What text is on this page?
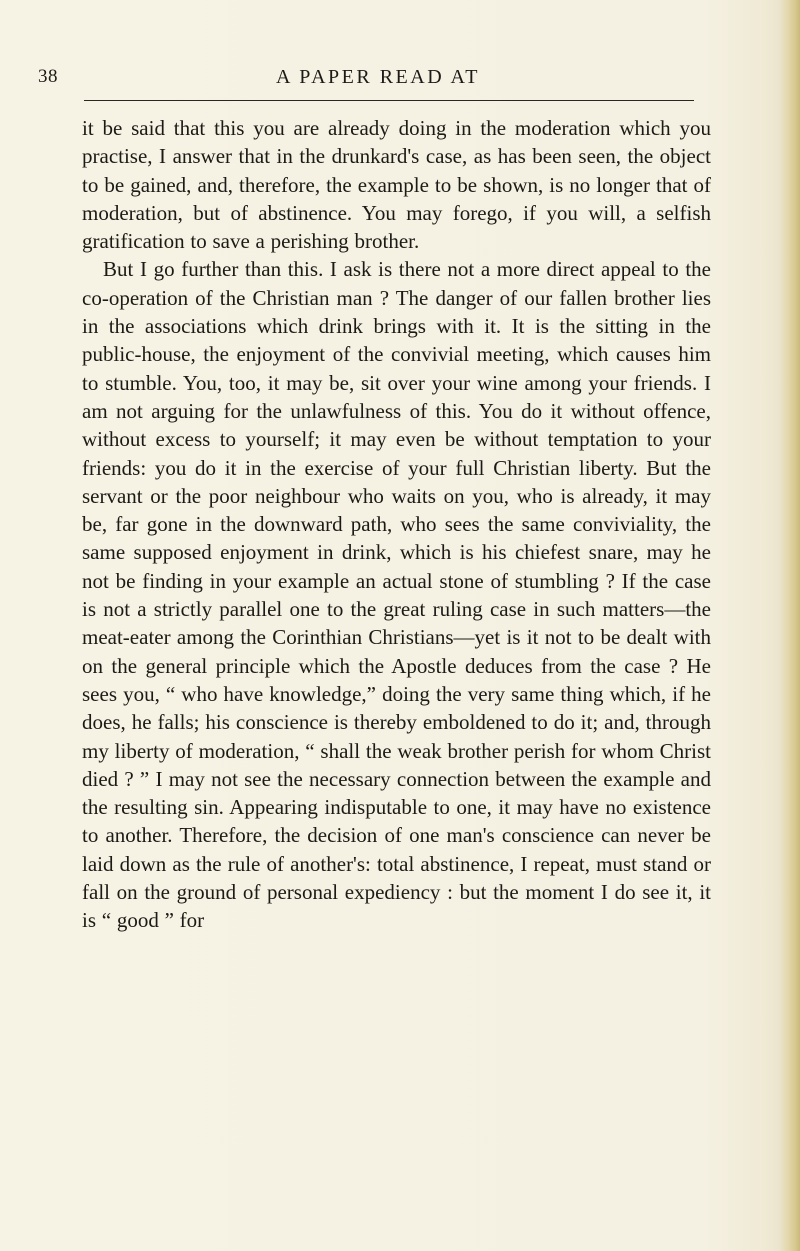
38	A PAPER READ AT

it be said that this you are already doing in the moderation which you practise, I answer that in the drunkard's case, as has been seen, the object to be gained, and, therefore, the example to be shown, is no longer that of moderation, but of abstinence. You may forego, if you will, a selfish gratification to save a perishing brother.

But I go further than this. I ask is there not a more direct appeal to the co-operation of the Christian man ? The danger of our fallen brother lies in the associations which drink brings with it. It is the sitting in the public-house, the enjoyment of the convivial meeting, which causes him to stumble. You, too, it may be, sit over your wine among your friends. I am not arguing for the unlawfulness of this. You do it without offence, without excess to yourself; it may even be without temptation to your friends: you do it in the exercise of your full Christian liberty. But the servant or the poor neighbour who waits on you, who is already, it may be, far gone in the downward path, who sees the same conviviality, the same supposed enjoyment in drink, which is his chiefest snare, may he not be finding in your example an actual stone of stumbling ? If the case is not a strictly parallel one to the great ruling case in such matters—the meat-eater among the Corinthian Christians—yet is it not to be dealt with on the general principle which the Apostle deduces from the case ? He sees you, “ who have knowledge,” doing the very same thing which, if he does, he falls; his conscience is thereby emboldened to do it; and, through my liberty of moderation, “ shall the weak brother perish for whom Christ died ? ” I may not see the necessary connection between the example and the resulting sin. Appearing indisputable to one, it may have no existence to another. Therefore, the decision of one man's conscience can never be laid down as the rule of another's: total abstinence, I repeat, must stand or fall on the ground of personal expediency : but the moment I do see it, it is “ good ” for
